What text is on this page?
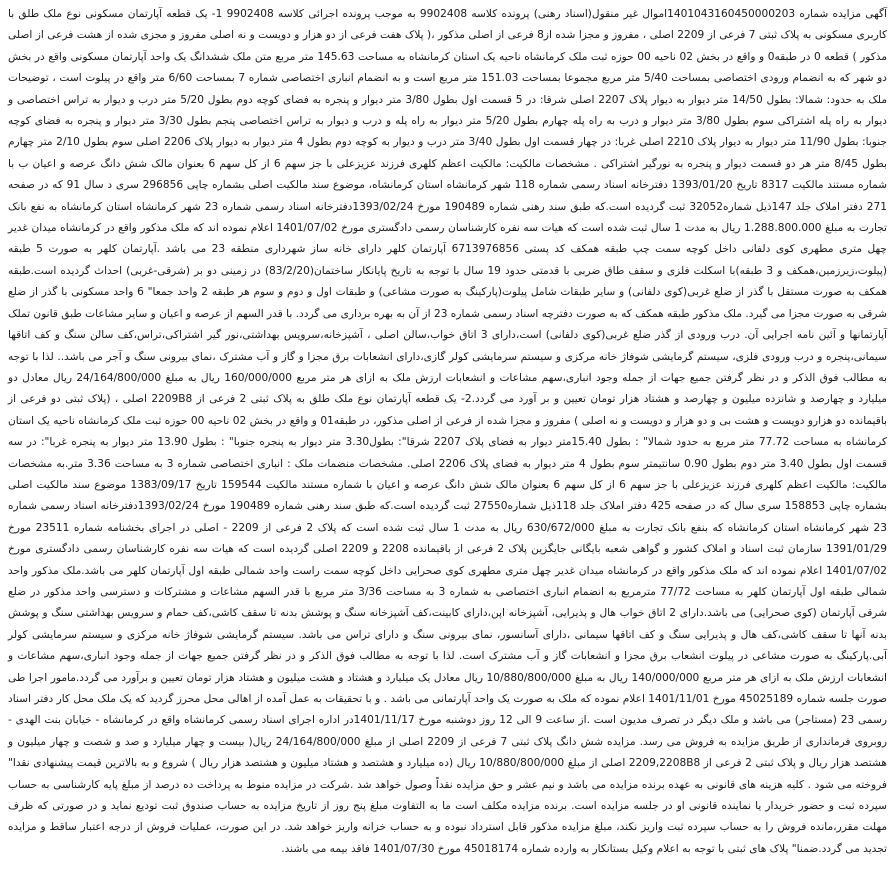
آگهی مزایده شماره 1401043160450000203اموال غیر منقول(اسناد رهنی) پرونده کلاسه 9902408 به موجب پرونده اجرائی کلاسه 9902408 1- یک قطعه آپارتمان مسکونی نوع ملک طلق با کاربری مسکونی به پلاک ثبتی 7 فرعی از 2209 اصلی ، مفروز و مجزا شده از8 فرعی از اصلی مذکور ،( پلاک هفت فرعی از دو هزار و دویست و نه اصلی مفروز و مجزی شده از هشت فرعی از اصلی مذکور ) قطعه 0 در طبقه0 و واقع در بخش 02 ناحیه 00 حوزه ثبت ملک کرمانشاه ناحیه یک استان کرمانشاه به مساحت 145.63 متر مربع متن ملک ششدانگ یک واحد آپارتمان مسکونی واقع در بخش دو شهر که به انضمام ورودی اختصاصی بمساحت 5/40 متر مربع مجموعا بمساحت 151.03 متر مربع است و به انضمام انباری اختصاصی شماره 7 بمساحت 6/60 متر واقع در پیلوت است ، توضیحات ملک به حدود: شمالا: بطول 14/50 متر دیوار به دیوار پلاک 2207 اصلی شرقا: در 5 قسمت اول بطول 3/80 متر دیوار و پنجره به فضای کوچه دوم بطول 5/20 متر درب و دیوار به تراس اختصاصی و دیوار به راه پله اشتراکی سوم بطول 3/80 متر دیوار و درب به راه پله چهارم بطول 5/20 متر دیوار به راه پله و درب و دیوار به تراس اختصاصی پنجم بطول 3/30 متر دیوار و پنجره به فضای کوچه جنوبا: بطول 11/90 متر دیوار به دیوار پلاک 2210 اصلی غربا: در چهار قسمت اول بطول 3/40 متر درب و دیوار به کوچه دوم بطول 4 متر دیوار به دیوار پلاک 2206 اصلی سوم بطول 2/10 متر چهارم بطول 8/45 متر هر دو قسمت دیوار و پنجره به نورگیر اشتراکی . مشخصات مالکیت: مالکیت اعظم کلهری فرزند عزیزعلی با جز سهم 6 از کل سهم 6 بعنوان مالک شش دانگ عرصه و اعیان ب با شماره مستند مالکیت 8317 تاریخ 1393/01/20 دفترخانه اسناد رسمی شماره 118 شهر کرمانشاه استان کرمانشاه، موضوع سند مالکیت اصلی بشماره چاپی 296856 سری د سال 91 که در صفحه 271 دفتر املاک جلد 147ذیل شماره32052 ثبت گردیده است.که طبق سند رهنی شماره 190489 مورخ 1393/02/24دفترخانه اسناد رسمی شماره 23 شهر کرمانشاه استان کرمانشاه به نفع بانک تجارت به مبلغ 1.288.800.000 ریال به مدت 1 سال ثبت شده است که هیات سه نفره کارشناسان رسمی دادگستری مورخ 1401/07/02 اعلام نموده اند که ملک مذکور واقع در کرمانشاه میدان غدیر چهل متری مطهری کوی دلفانی داخل کوچه سمت چپ طبقه همکف کد پستی 6713976856 آپارتمان کلهر دارای خانه ساز شهرداری منطقه 23 می باشد .آپارتمان کلهر به صورت 5 طبقه (پیلوت،زیرزمین،همکف و 3 طبقه)با اسکلت فلزی و سقف طاق ضربی با قدمتی حدود 19 سال با توجه به تاریخ پایانکار ساختمان(83/2/20) در زمینی دو بر (شرقی-غربی) احداث گردیده است.طبقه همکف به صورت مستقل با گذر از ضلع غربی(کوی دلفانی) و سایر طبقات شامل پیلوت(پارکینگ به صورت مشاعی) و طبقات اول و دوم و سوم هر طبقه 2 واحد جمعا" 6 واحد مسکونی با گذر از ضلع شرقی به صورت مجزا می گیرد. ملک مذکور طبقه همکف که به صورت دفترچه اسناد رسمی شماره 23 از آن به بهره برداری می گردد. با قدر السهم از عرصه و اعیان و سایر مشاعات طبق قانون تملک آپارتمانها و آئین نامه اجرایی آن. درب ورودی از گذر ضلع غربی(کوی دلفانی) است،دارای 3 اتاق خواب،سالن اصلی ، آشپزخانه،سرویس بهداشتی،نور گیر اشتراکی،تراس،کف سالن سنگ و کف اتاقها سیمانی،پنجره و درب ورودی فلزی، سیستم گرمایشی شوفاژ خانه مرکزی و سیستم سرمایشی کولر گازی،دارای انشعابات برق مجزا و گاز و آب مشترک ،نمای بیرونی سنگ و آجر می باشد.. لذا با توجه به مطالب فوق الذکر و در نظر گرفتن جمیع جهات از جمله وجود انباری،سهم مشاعات و انشعابات ارزش ملک به ازای هر متر مربع 160/000/000 ریال به مبلغ 24/164/800/000 ریال معادل دو میلیارد و چهارصد و شانزده میلیون و چهارصد و هشتاد هزار تومان تعیین و بر آورد می گردد.2- یک قطعه آپارتمان نوع ملک طلق به پلاک ثبتی 2 فرعی از 2209B8 اصلی ، (پلاک ثبتی دو فرعی از باقیمانده دو هزارو دویست و هشت بی و دو هزار و دویست و نه اصلی ) مفروز و مجزا شده از فرعی از اصلی مذکور، در طبقه01 و واقع در بخش 02 ناحیه 00 حوزه ثبت ملک کرمانشاه ناحیه یک استان کرمانشاه به مساحت 77.72 متر مربع به حدود شمالا" : بطول 15.40متر دیوار به فضای پلاک 2207 شرقا": بطول3.30 متر دیوار به پنجره جنوبا" : بطول 13.90 متر دیوار به پنجره غربا": در سه قسمت اول بطول 3.40 متر دوم بطول 0.90 سانتیمتر سوم بطول 4 متر دیوار به فضای پلاک 2206 اصلی. مشخصات منضمات ملک : انباری اختصاصی شماره 3 به مساحت 3.36 متر.به مشخصات مالکیت: مالکیت اعظم کلهری فرزند عزیزعلی با جز سهم 6 از کل سهم 6 بعنوان مالک شش دانگ عرصه و اعیان با شماره مستند مالکیت 159544 تاریخ 1383/09/17 موضوع سند مالکیت اصلی بشماره چاپی 158853 سری سال که در صفحه 425 دفتر املاک جلد 118ذیل شماره27550 ثبت گردیده است.که طبق سند رهنی شماره 190489 مورخ 1393/02/24دفترخانه اسناد رسمی شماره 23 شهر کرمانشاه استان کرمانشاه که بنفع بانک تجارت به مبلغ 630/672/000 ریال به مدت 1 سال ثبت شده است که پلاک 2 فرعی از 2209 - اصلی در اجرای بخشنامه شماره 23511 مورخ 1391/01/29 سازمان ثبت اسناد و املاک کشور و گواهی شعبه بایگانی جایگزین پلاک 2 فرعی از باقیمانده 2208 و 2209 اصلی گردیده است که هیات سه نفره کارشناسان رسمی دادگستری مورخ 1401/07/02 اعلام نموده اند که ملک مذکور واقع در کرمانشاه میدان غدیر چهل متری مطهری کوی صحرایی داخل کوچه سمت راست واحد شمالی طبقه اول آپارتمان کلهر می باشد.ملک مذکور واحد شمالی طبقه اول آپارتمان کلهر به مساحت 77/72 مترمربع به انضمام انباری اختصاصی به شماره 3 به مساحت 3/36 متر مربع با قدر السهم مشاعات و مشترکات و دسترسی واحد مذکور در ضلع شرقی آپارتمان (کوی صحرایی) می باشد.دارای 2 اتاق خواب هال و پذیرایی، آشپزخانه اپن،دارای کابینت،کف آشپزخانه سنگ و پوشش بدنه تا سقف کاشی،کف حمام و سرویس بهداشتی سنگ و پوشش بدنه آنها تا سقف کاشی،کف هال و پذیرایی سنگ و کف اتاقها سیمانی ،دارای آسانسور، نمای بیرونی سنگ و دارای تراس می باشد. سیستم گرمایشی شوفاژ خانه مرکزی و سیستم سرمایشی کولر آبی.پارکینگ به صورت مشاعی در پیلوت انشعاب برق مجزا و انشعابات گاز و آب مشترک است. لذا با توجه به مطالب فوق الذکر و در نظر گرفتن جمیع جهات از جمله وجود انباری،سهم مشاعات و انشعابات ارزش ملک به ازای هر متر مربع 140/000/000 ریال به مبلغ 10/880/800/000 ریال معادل یک میلیارد و هشتاد و هشت میلیون و هشتاد هزار تومان تعیین و برآورد می گردد.مامور اجرا طی صورت جلسه شماره 45025189 مورخ 1401/11/01 اعلام نموده که ملک به صورت یک واحد آپارتمانی می باشد . و با تحقیقات به عمل آمده از اهالی محل محرز گردید که یک ملک محل کار دفتر اسناد رسمی 23 (مستاجر) می باشد و ملک دیگر در تصرف مدیون است .از ساعت 9 الی 12 روز دوشنبه مورخ 1401/11/17در اداره اجرای اسناد رسمی کرمانشاه واقع در کرمانشاه - خیابان بنت الهدی - روبروی فرمانداری از طریق مزایده به فروش می رسد. مزایده شش دانگ پلاک ثبتی 7 فرعی از 2209 اصلی از مبلغ 24/164/800/000 ریال( بیست و چهار میلیارد و صد و شصت و چهار میلیون و هشتصد هزار ریال و پلاک ثبتی 2 فرعی از 2209,2208B8 اصلی از مبلغ 10/880/800/000 ریال (ده میلیارد و هشتصد و هشتاد میلیون و هشتصد هزار ریال ) شروع و به بالاترین قیمت پیشنهادی نقدا" فروخته می شود . کلیه هزینه های قانونی به عهده برنده مزایده می باشد و نیم عشر و حق مزایده نقداً وصول خواهد شد .شرکت در مزایده منوط به پرداخت ده درصد از مبلغ پایه کارشناسی به حساب سپرده ثبت و حضور خریدار یا نماینده قانونی او در جلسه مزایده است. برنده مزایده مکلف است ما به التفاوت مبلغ پنج روز از تاریخ مزایده به حساب صندوق ثبت تودیع نماید و در صورتی که ظرف مهلت مقرر،مانده فروش را به حساب سپرده ثبت واریز نکند، مبلغ مزایده مذکور قابل استرداد نبوده و به حساب خزانه واریز خواهد شد. در این صورت، عملیات فروش از درجه اعتبار ساقط و مزایده تجدید می گردد.ضمنا" پلاک های ثبتی با توجه به اعلام وکیل بستانکار به وارده شماره 45018174 مورخ 1401/07/30 فاقد بیمه می باشند.
